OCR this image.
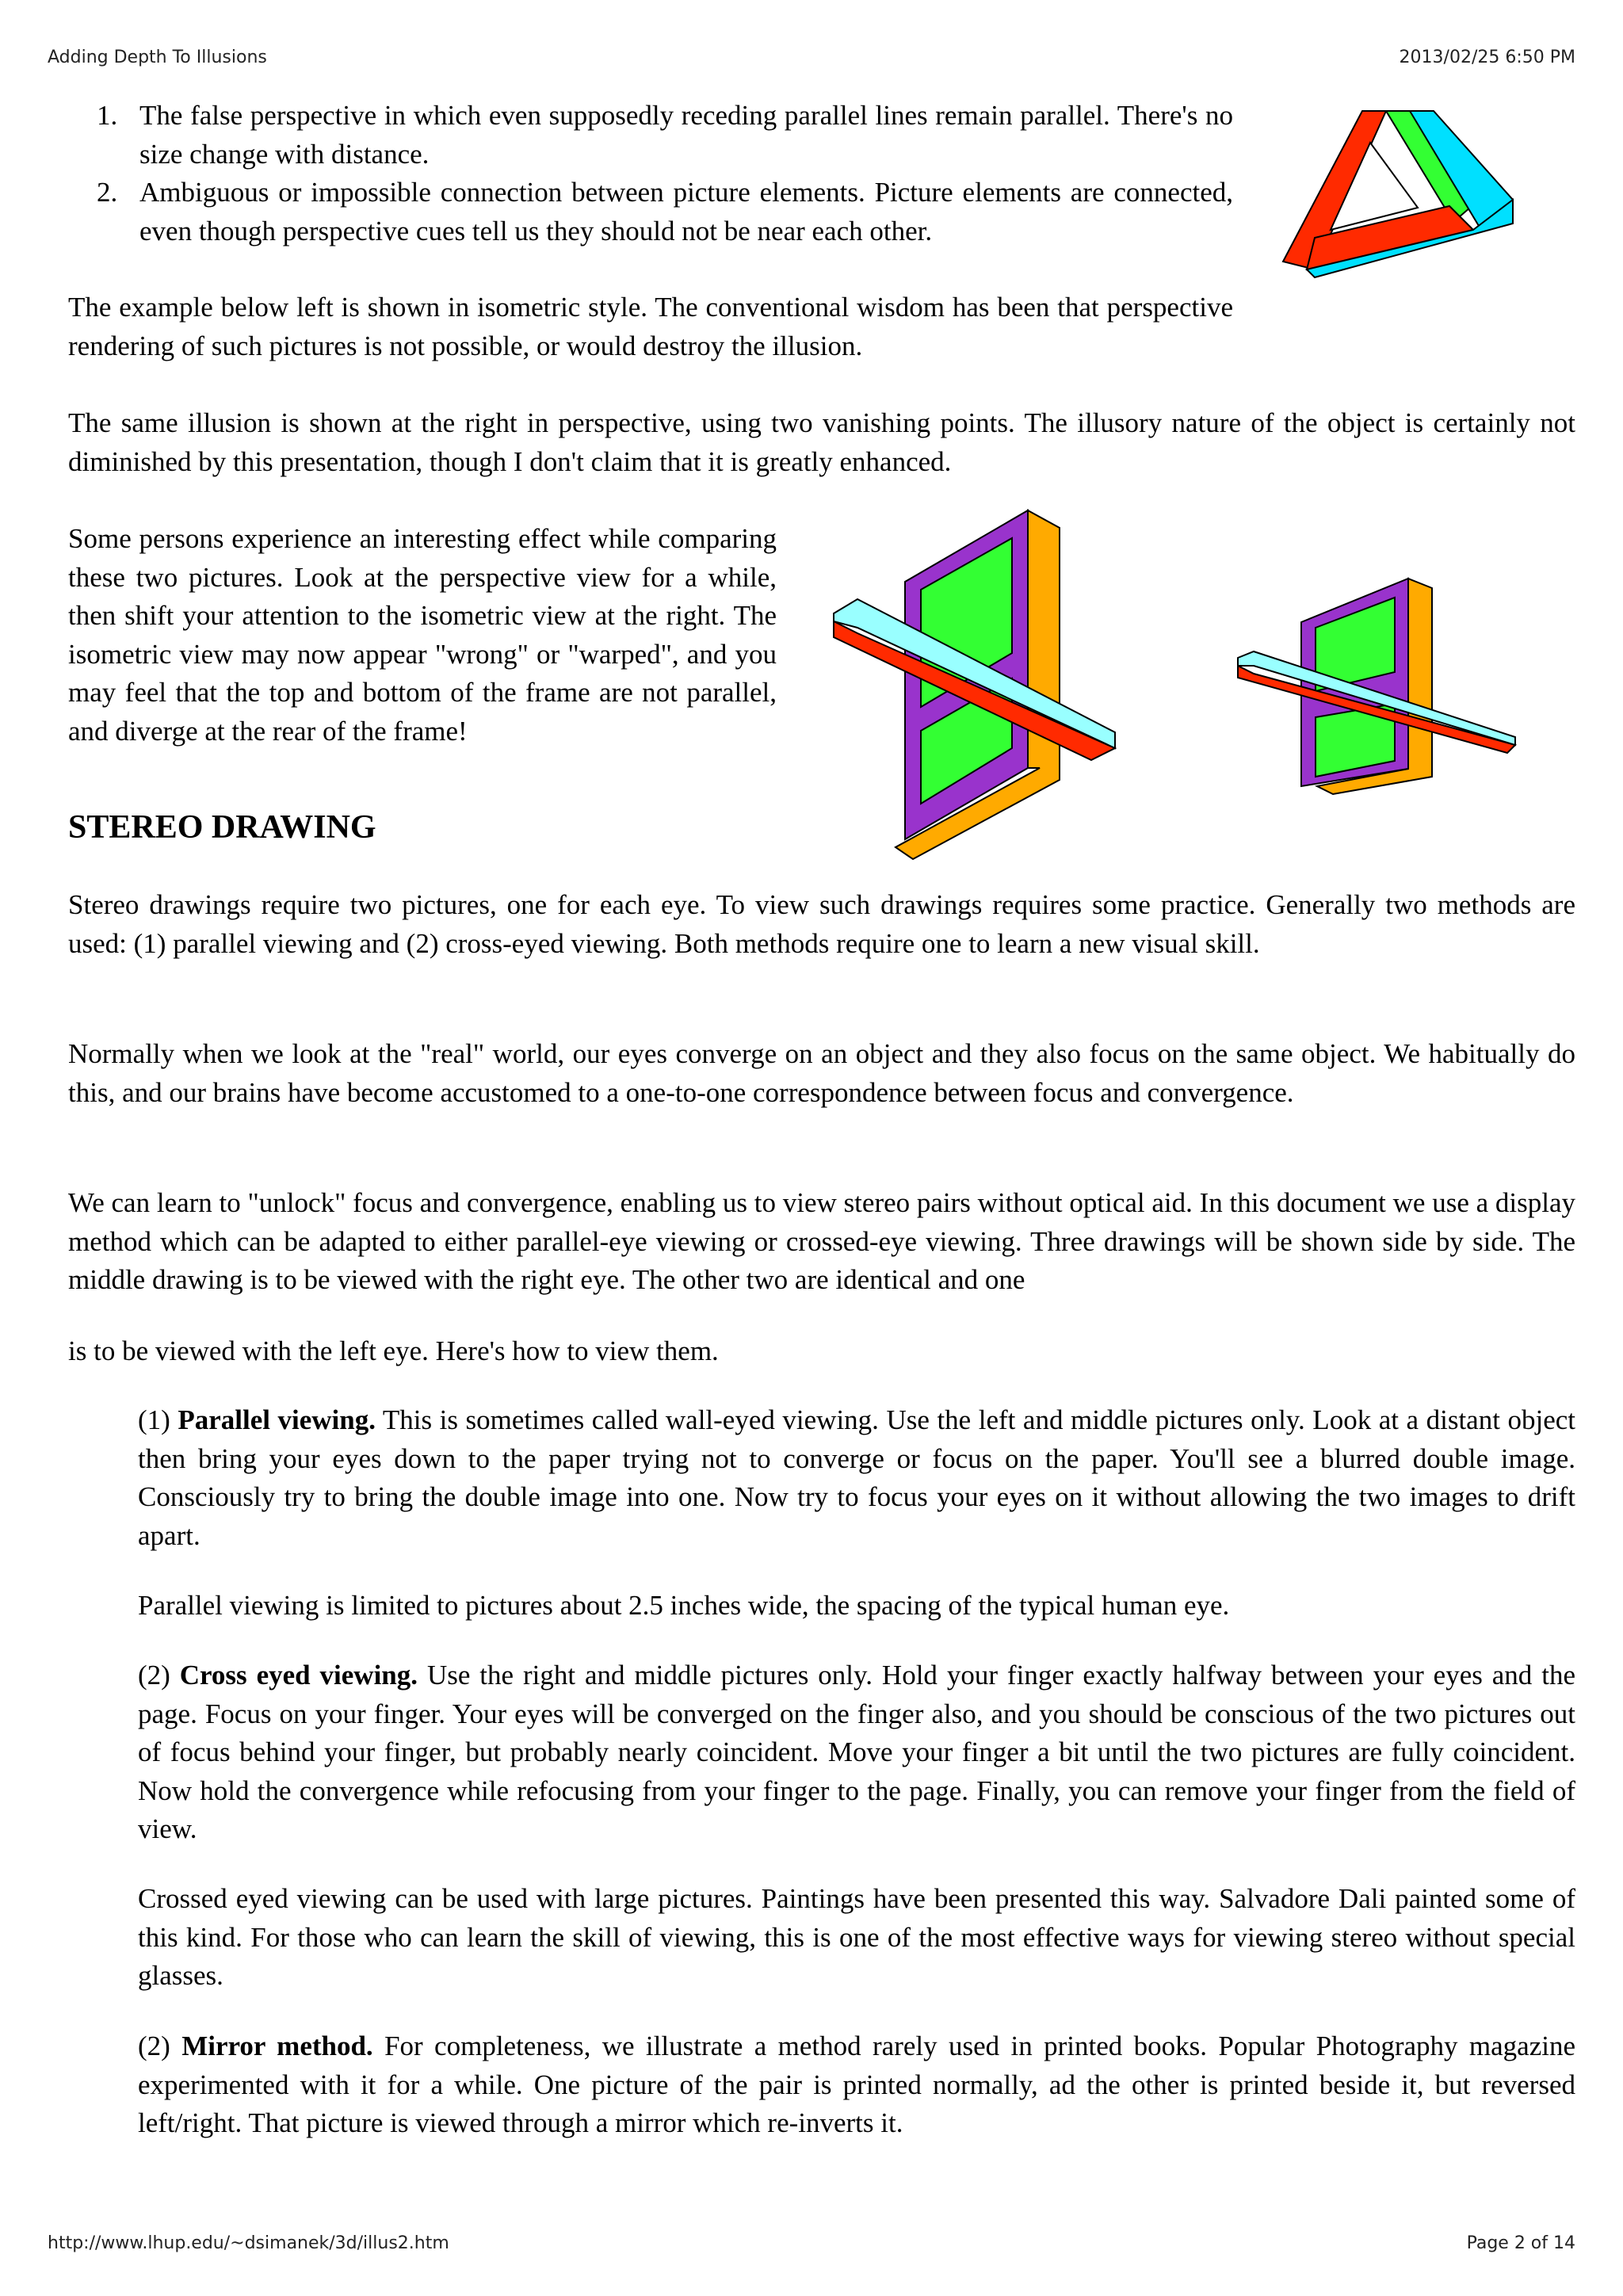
Adding Depth To Illusions	2013/02/25 6:50 PM
1. The false perspective in which even supposedly receding parallel lines remain parallel. There's no size change with distance.
2. Ambiguous or impossible connection between picture elements. Picture elements are connected, even though perspective cues tell us they should not be near each other.

The example below left is shown in isometric style. The conventional wisdom has been that perspective rendering of such pictures is not possible, or would destroy the illusion.

The same illusion is shown at the right in perspective, using two vanishing points. The illusory nature of the object is certainly not diminished by this presentation, though I don't claim that it is greatly enhanced.

Some persons experience an interesting effect while comparing these two pictures. Look at the perspective view for a while, then shift your attention to the isometric view at the right. The isometric view may now appear "wrong" or "warped", and you may feel that the top and bottom of the frame are not parallel, and diverge at the rear of the frame!

STEREO DRAWING

Stereo drawings require two pictures, one for each eye. To view such drawings requires some practice. Generally two methods are used: (1) parallel viewing and (2) cross-eyed viewing. Both methods require one to learn a new visual skill.

Normally when we look at the "real" world, our eyes converge on an object and they also focus on the same object. We habitually do this, and our brains have become accustomed to a one-to-one correspondence between focus and convergence.

We can learn to "unlock" focus and convergence, enabling us to view stereo pairs without optical aid. In this document we use a display method which can be adapted to either parallel-eye viewing or crossed-eye viewing. Three drawings will be shown side by side. The middle drawing is to be viewed with the right eye. The other two are identical and one

is to be viewed with the left eye. Here's how to view them.

(1) Parallel viewing. This is sometimes called wall-eyed viewing. Use the left and middle pictures only. Look at a distant object then bring your eyes down to the paper trying not to converge or focus on the paper. You'll see a blurred double image. Consciously try to bring the double image into one. Now try to focus your eyes on it without allowing the two images to drift apart.

Parallel viewing is limited to pictures about 2.5 inches wide, the spacing of the typical human eye.

(2) Cross eyed viewing. Use the right and middle pictures only. Hold your finger exactly halfway between your eyes and the page. Focus on your finger. Your eyes will be converged on the finger also, and you should be conscious of the two pictures out of focus behind your finger, but probably nearly coincident. Move your finger a bit until the two pictures are fully coincident. Now hold the convergence while refocusing from your finger to the page. Finally, you can remove your finger from the field of view.

Crossed eyed viewing can be used with large pictures. Paintings have been presented this way. Salvadore Dali painted some of this kind. For those who can learn the skill of viewing, this is one of the most effective ways for viewing stereo without special glasses.

(2) Mirror method. For completeness, we illustrate a method rarely used in printed books. Popular Photography magazine experimented with it for a while. One picture of the pair is printed normally, ad the other is printed beside it, but reversed left/right. That picture is viewed through a mirror which re-inverts it.

http://www.lhup.edu/~dsimanek/3d/illus2.htm	Page 2 of 14
